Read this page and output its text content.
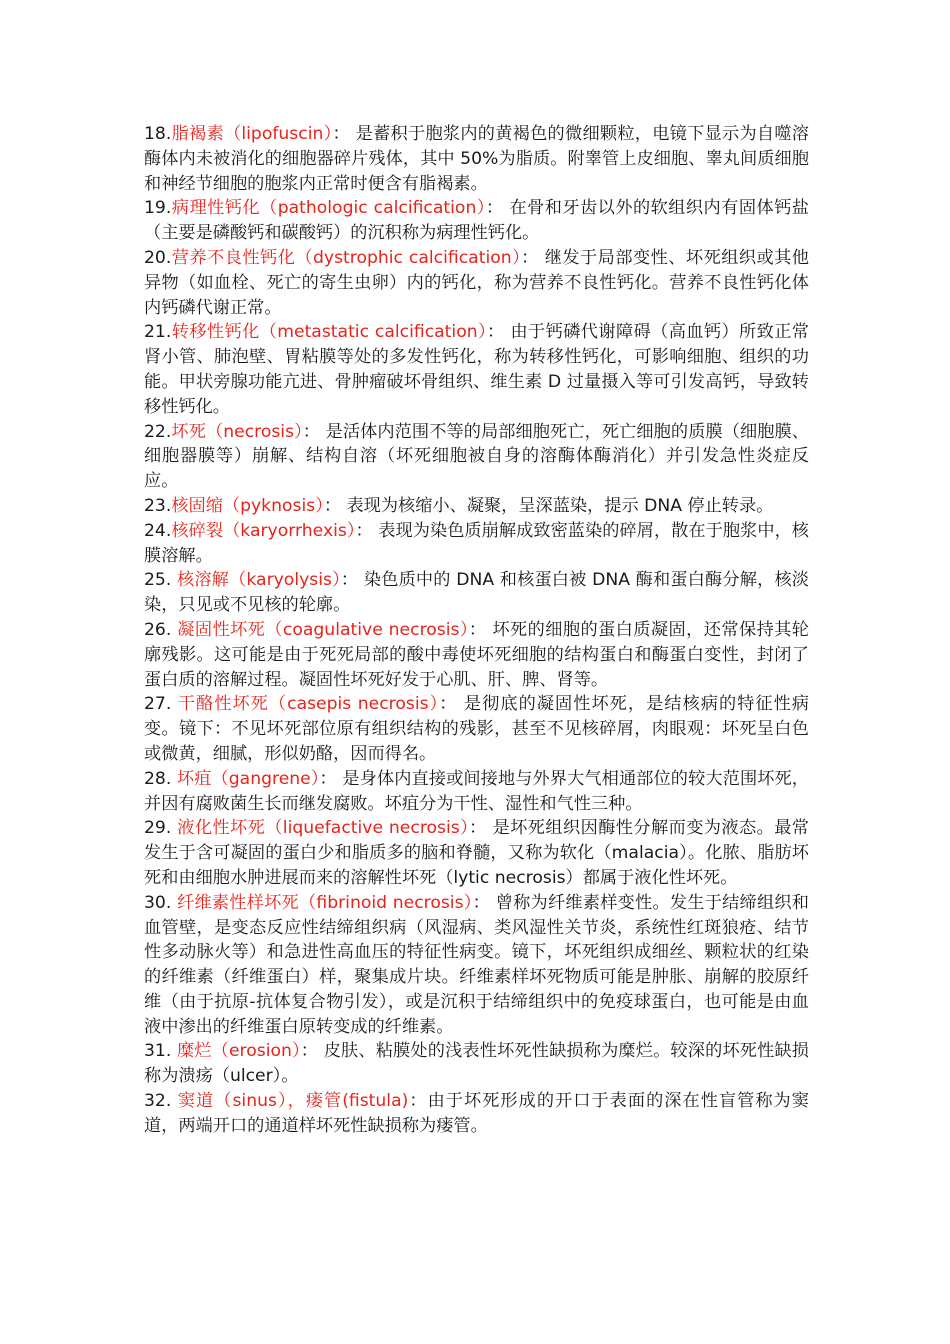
18.脂褐素（lipofuscin）： 是蓄积于胞浆内的黄褐色的微细颗粒，电镜下显示为自噬溶酶体内未被消化的细胞器碎片残体，其中 50%为脂质。附睾管上皮细胞、睾丸间质细胞和神经节细胞的胞浆内正常时便含有脂褐素。

19.病理性钙化（pathologic calcification）： 在骨和牙齿以外的软组织内有固体钙盐（主要是磷酸钙和碳酸钙）的沉积称为病理性钙化。

20.营养不良性钙化（dystrophic calcification）： 继发于局部变性、坏死组织或其他异物（如血栓、死亡的寄生虫卵）内的钙化，称为营养不良性钙化。营养不良性钙化体内钙磷代谢正常。

21.转移性钙化（metastatic calcification）： 由于钙磷代谢障碍（高血钙）所致正常肾小管、肺泡壁、胃粘膜等处的多发性钙化，称为转移性钙化，可影响细胞、组织的功能。甲状旁腺功能亢进、骨肿瘤破坏骨组织、维生素 D 过量摄入等可引发高钙，导致转移性钙化。

22.坏死（necrosis）： 是活体内范围不等的局部细胞死亡，死亡细胞的质膜（细胞膜、细胞器膜等）崩解、结构自溶（坏死细胞被自身的溶酶体酶消化）并引发急性炎症反应。

23.核固缩（pyknosis）： 表现为核缩小、凝聚，呈深蓝染，提示 DNA 停止转录。

24.核碎裂（karyorrhexis）： 表现为染色质崩解成致密蓝染的碎屑，散在于胞浆中，核膜溶解。

25. 核溶解（karyolysis）： 染色质中的 DNA 和核蛋白被 DNA 酶和蛋白酶分解，核淡染，只见或不见核的轮廓。

26. 凝固性坏死（coagulative necrosis）： 坏死的细胞的蛋白质凝固，还常保持其轮廓残影。这可能是由于死死局部的酸中毒使坏死细胞的结构蛋白和酶蛋白变性，封闭了蛋白质的溶解过程。凝固性坏死好发于心肌、肝、脾、肾等。

27. 干酪性坏死（casepis necrosis）： 是彻底的凝固性坏死，是结核病的特征性病变。镜下：不见坏死部位原有组织结构的残影，甚至不见核碎屑，肉眼观：坏死呈白色或微黄，细腻，形似奶酪，因而得名。

28. 坏疽（gangrene）： 是身体内直接或间接地与外界大气相通部位的较大范围坏死，并因有腐败菌生长而继发腐败。坏疽分为干性、湿性和气性三种。

29. 液化性坏死（liquefactive necrosis）： 是坏死组织因酶性分解而变为液态。最常发生于含可凝固的蛋白少和脂质多的脑和脊髓，又称为软化（malacia）。化脓、脂肪坏死和由细胞水肿进展而来的溶解性坏死（lytic necrosis）都属于液化性坏死。

30. 纤维素性样坏死（fibrinoid necrosis）： 曾称为纤维素样变性。发生于结缔组织和血管壁，是变态反应性结缔组织病（风湿病、类风湿性关节炎，系统性红斑狼疮、结节性多动脉火等）和急进性高血压的特征性病变。镜下，坏死组织成细丝、颗粒状的红染的纤维素（纤维蛋白）样，聚集成片块。纤维素样坏死物质可能是肿胀、崩解的胶原纤维（由于抗原-抗体复合物引发），或是沉积于结缔组织中的免疫球蛋白，也可能是由血液中渗出的纤维蛋白原转变成的纤维素。

31. 糜烂（erosion）： 皮肤、粘膜处的浅表性坏死性缺损称为糜烂。较深的坏死性缺损称为溃疡（ulcer）。

32. 窦道（sinus），瘘管(fistula)：由于坏死形成的开口于表面的深在性盲管称为窦道，两端开口的通道样坏死性缺损称为瘘管。
